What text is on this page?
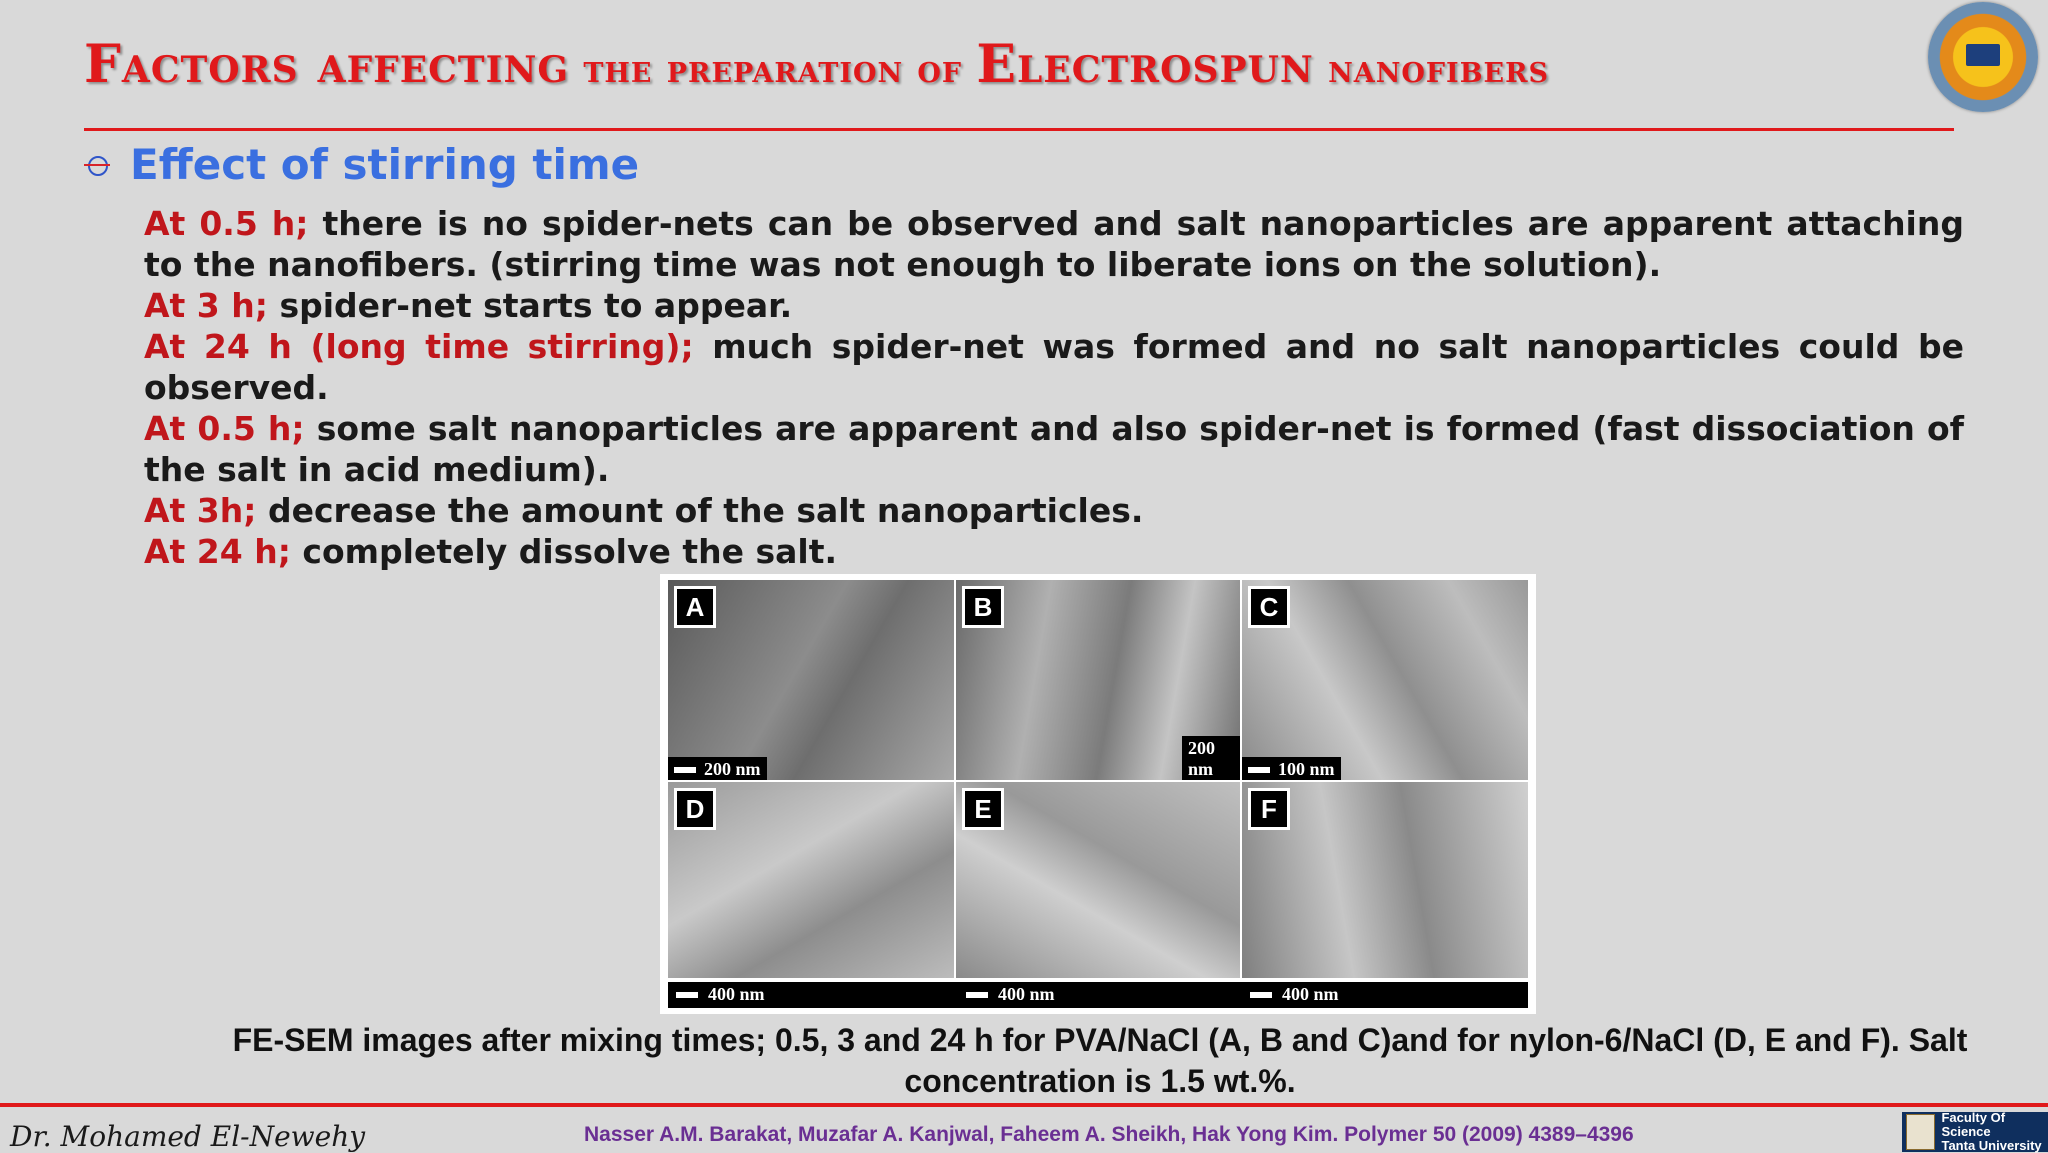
Factors affecting the preparation of Electrospun nanofibers
Effect of stirring time
At 0.5 h; there is no spider-nets can be observed and salt nanoparticles are apparent attaching to the nanofibers. (stirring time was not enough to liberate ions on the solution).
At 3 h; spider-net starts to appear.
At 24 h (long time stirring); much spider-net was formed and no salt nanoparticles could be observed.
At 0.5 h; some salt nanoparticles are apparent and also spider-net is formed (fast dissociation of the salt in acid medium).
At 3h; decrease the amount of the salt nanoparticles.
At 24 h; completely dissolve the salt.
A
200 nm
B
200 nm
C
100 nm
D	E	F
400 nm	400 nm	400 nm
FE-SEM images after mixing times; 0.5, 3 and 24 h for PVA/NaCl (A, B and C)and for nylon-6/NaCl (D, E and F). Salt concentration is 1.5 wt.%.
Dr. Mohamed El-Newehy	Nasser A.M. Barakat, Muzafar A. Kanjwal, Faheem A. Sheikh, Hak Yong Kim. Polymer 50 (2009) 4389–4396
Faculty Of Science
Tanta University
